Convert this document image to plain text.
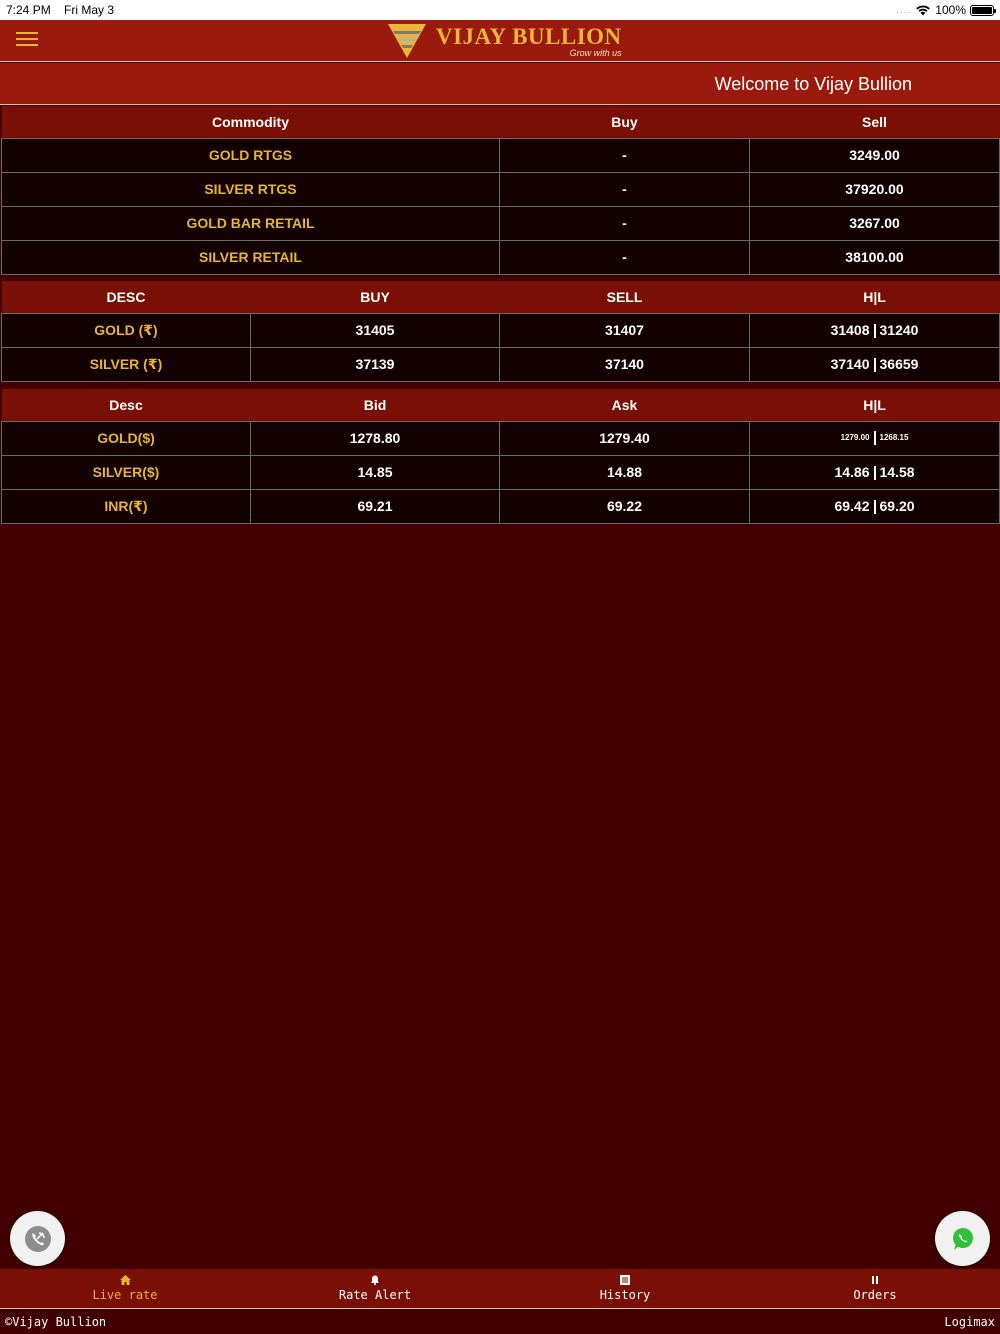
7:24 PM Fri May 3	.... 100%
VIJAY BULLION
Grow with us
Welcome to Vijay Bullion
Commodity	Buy	Sell
GOLD RTGS	-	3249.00
SILVER RTGS	-	37920.00
GOLD BAR RETAIL	-	3267.00
SILVER RETAIL	-	38100.00
DESC	BUY	SELL	H|L
GOLD (₹)	31405	31407	31408 31240
SILVER (₹)	37139	37140	37140 36659
Desc	Bid	Ask	H|L
GOLD($)	1278.80	1279.40	1279.00 1268.15
SILVER($)	14.85	14.88	14.86 14.58
INR(₹)	69.21	69.22	69.42 69.20
Live rate	Rate Alert	History	Orders
©Vijay Bullion	Logimax
